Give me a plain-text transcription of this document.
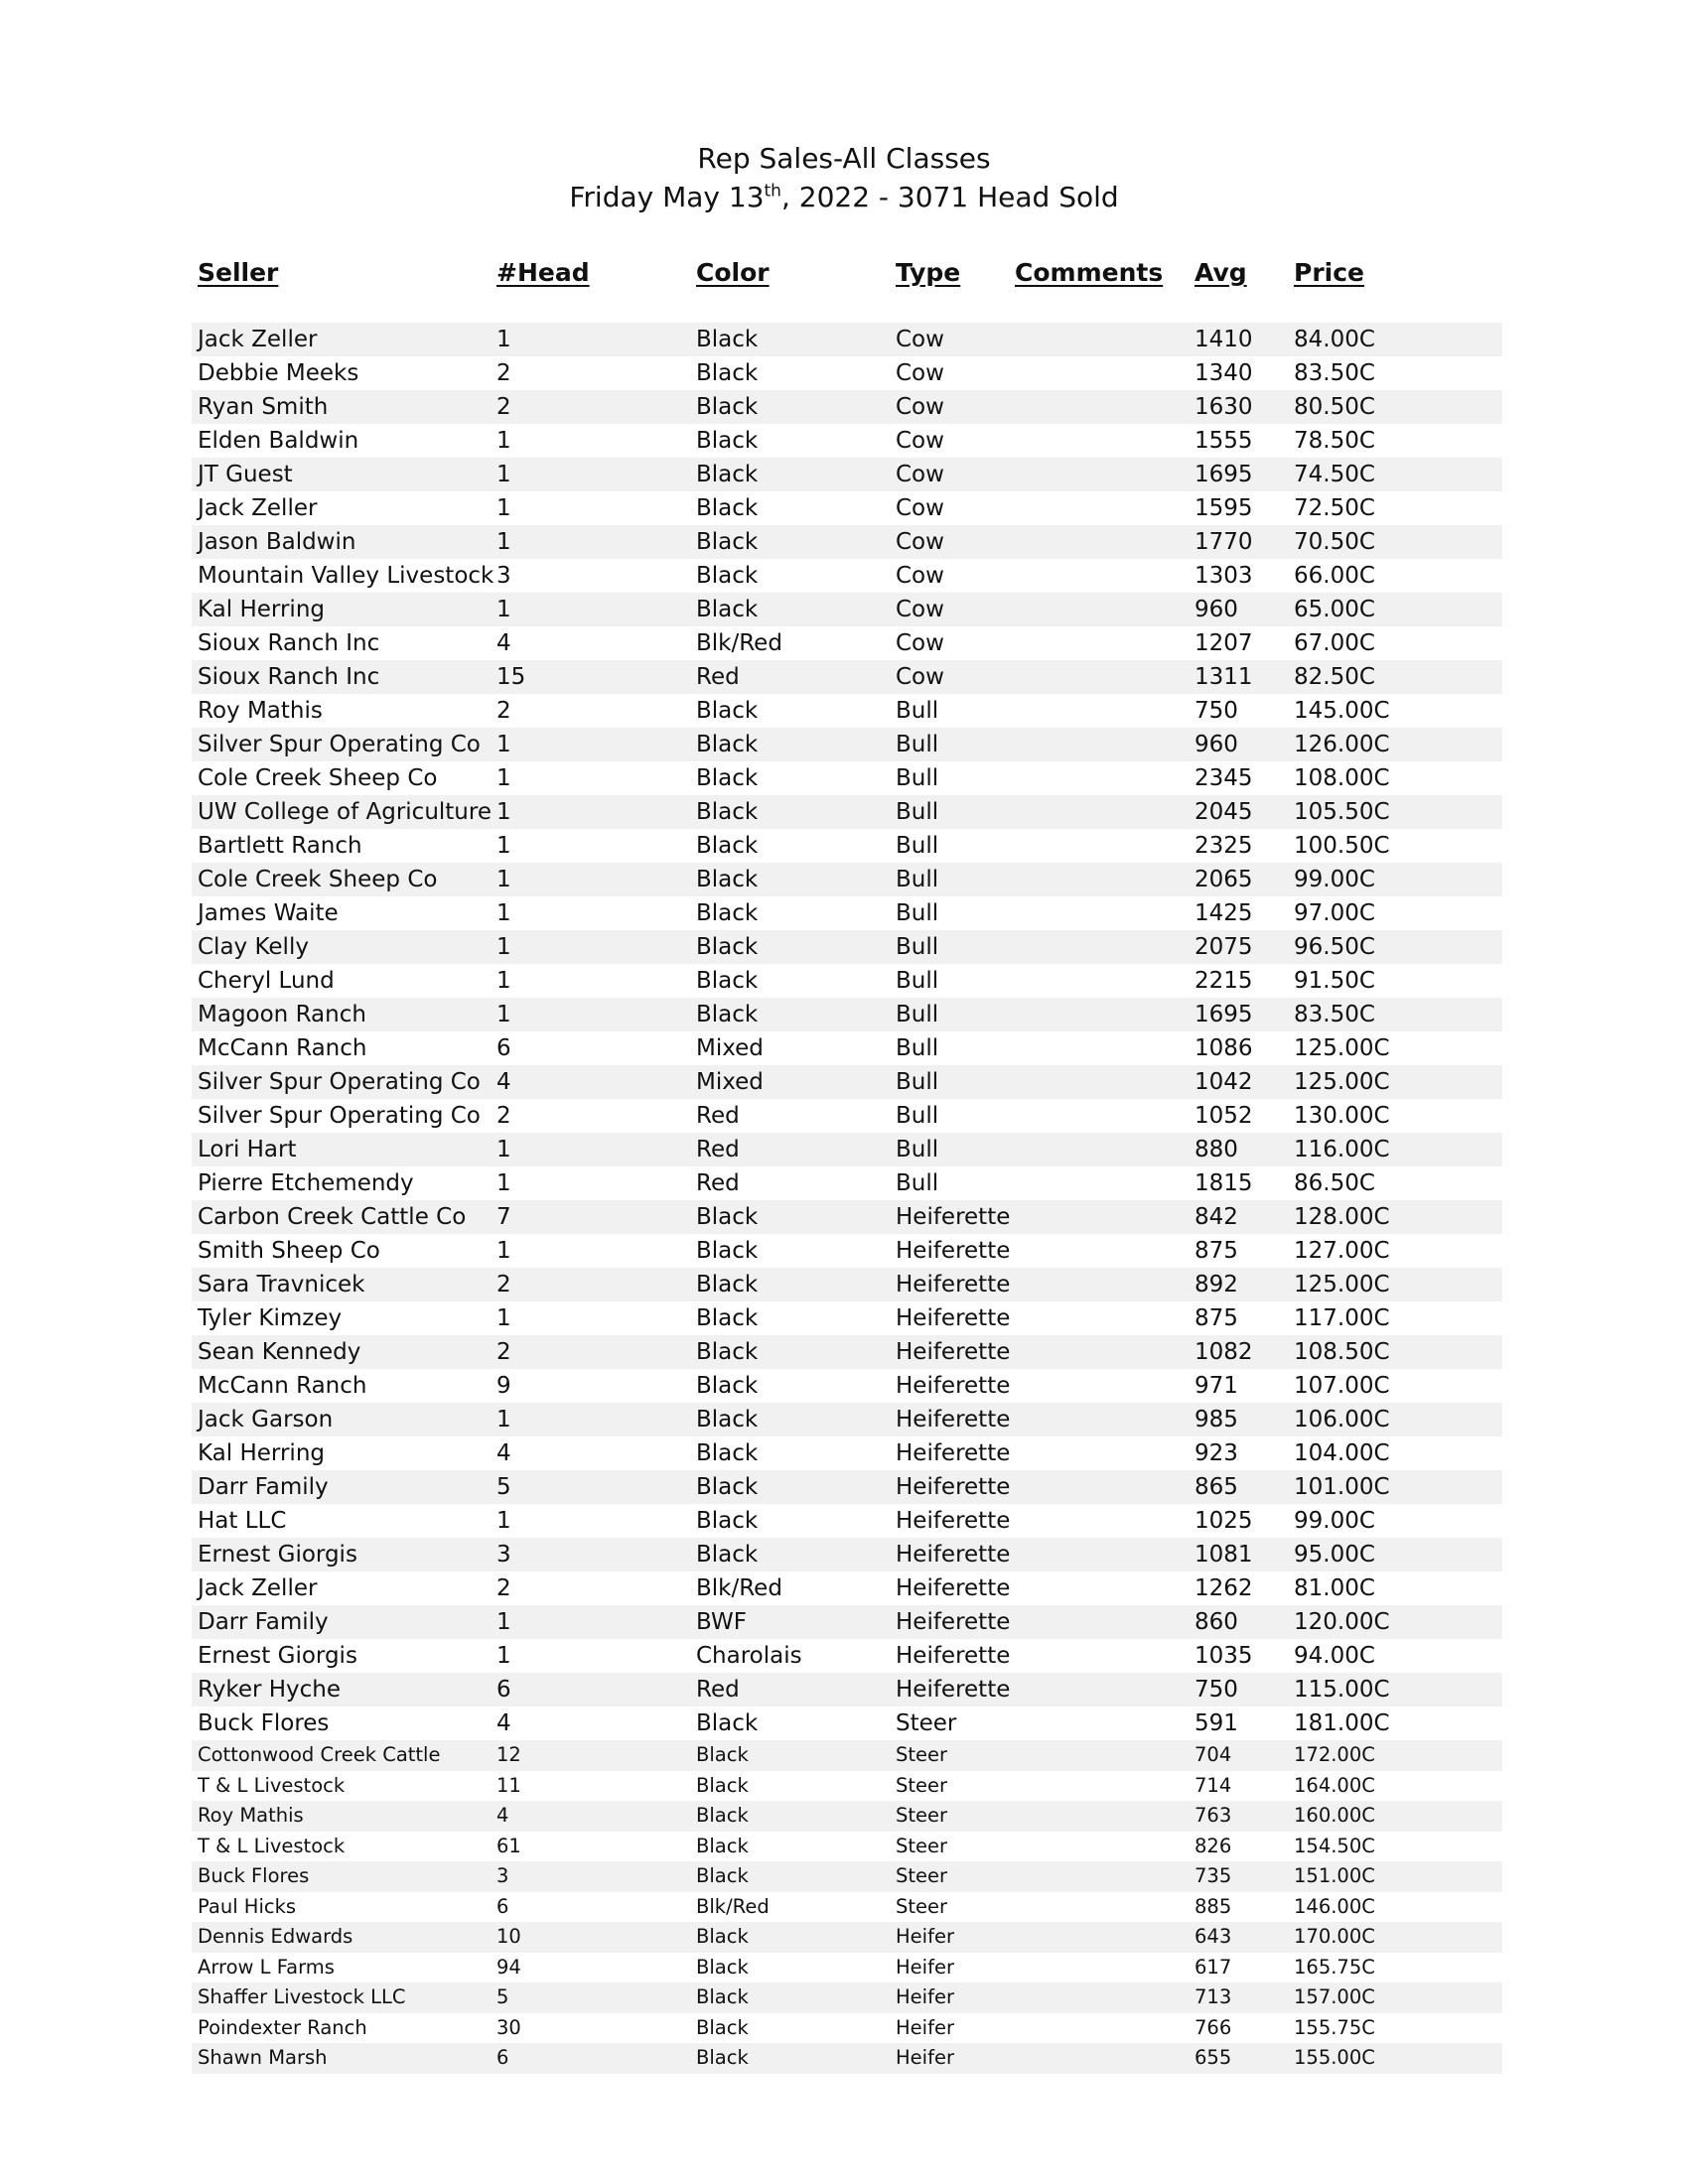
Rep Sales-All Classes
Friday May 13th, 2022 - 3071 Head Sold
Seller	#Head	Color	Type Comments Avg Price
Jack Zeller	1	Black	Cow	1410 84.00C
Debbie Meeks	2	Black	Cow	1340 83.50C
Ryan Smith	2	Black	Cow	1630 80.50C
Elden Baldwin	1	Black	Cow	1555 78.50C
JT Guest	1	Black	Cow	1695 74.50C
Jack Zeller	1	Black	Cow	1595 72.50C
Jason Baldwin	1	Black	Cow	1770 70.50C
Mountain Valley Livestock 3	Black	Cow	1303 66.00C
Kal Herring	1	Black	Cow	960 65.00C
Sioux Ranch Inc	4	Blk/Red	Cow	1207 67.00C
Sioux Ranch Inc	15	Red	Cow	1311 82.50C
Roy Mathis	2	Black	Bull	750 145.00C
Silver Spur Operating Co 1	Black	Bull	960 126.00C
Cole Creek Sheep Co	1	Black	Bull	2345 108.00C
UW College of Agriculture 1	Black	Bull	2045 105.50C
Bartlett Ranch	1	Black	Bull	2325 100.50C
Cole Creek Sheep Co	1	Black	Bull	2065 99.00C
James Waite	1	Black	Bull	1425 97.00C
Clay Kelly	1	Black	Bull	2075 96.50C
Cheryl Lund	1	Black	Bull	2215 91.50C
Magoon Ranch	1	Black	Bull	1695 83.50C
McCann Ranch	6	Mixed	Bull	1086 125.00C
Silver Spur Operating Co 4	Mixed	Bull	1042 125.00C
Silver Spur Operating Co 2	Red	Bull	1052 130.00C
Lori Hart	1	Red	Bull	880 116.00C
Pierre Etchemendy	1	Red	Bull	1815 86.50C
Carbon Creek Cattle Co 7	Black	Heiferette	842 128.00C
Smith Sheep Co	1	Black	Heiferette	875 127.00C
Sara Travnicek	2	Black	Heiferette	892 125.00C
Tyler Kimzey	1	Black	Heiferette	875 117.00C
Sean Kennedy	2	Black	Heiferette	1082 108.50C
McCann Ranch	9	Black	Heiferette	971 107.00C
Jack Garson	1	Black	Heiferette	985 106.00C
Kal Herring	4	Black	Heiferette	923 104.00C
Darr Family	5	Black	Heiferette	865 101.00C
Hat LLC	1	Black	Heiferette	1025 99.00C
Ernest Giorgis	3	Black	Heiferette	1081 95.00C
Jack Zeller	2	Blk/Red	Heiferette	1262 81.00C
Darr Family	1	BWF	Heiferette	860 120.00C
Ernest Giorgis	1	Charolais	Heiferette	1035 94.00C
Ryker Hyche	6	Red	Heiferette	750 115.00C
Buck Flores	4	Black	Steer	591 181.00C
Cottonwood Creek Cattle	12	Black	Steer	704	172.00C
T & L Livestock	11	Black	Steer	714	164.00C
Roy Mathis	4	Black	Steer	763	160.00C
T & L Livestock	61	Black	Steer	826	154.50C
Buck Flores	3	Black	Steer	735	151.00C
Paul Hicks	6	Blk/Red	Steer	885	146.00C
Dennis Edwards	10	Black	Heifer	643	170.00C
Arrow L Farms	94	Black	Heifer	617	165.75C
Shaffer Livestock LLC	5	Black	Heifer	713	157.00C
Poindexter Ranch	30	Black	Heifer	766	155.75C
Shawn Marsh	6	Black	Heifer	655	155.00C
